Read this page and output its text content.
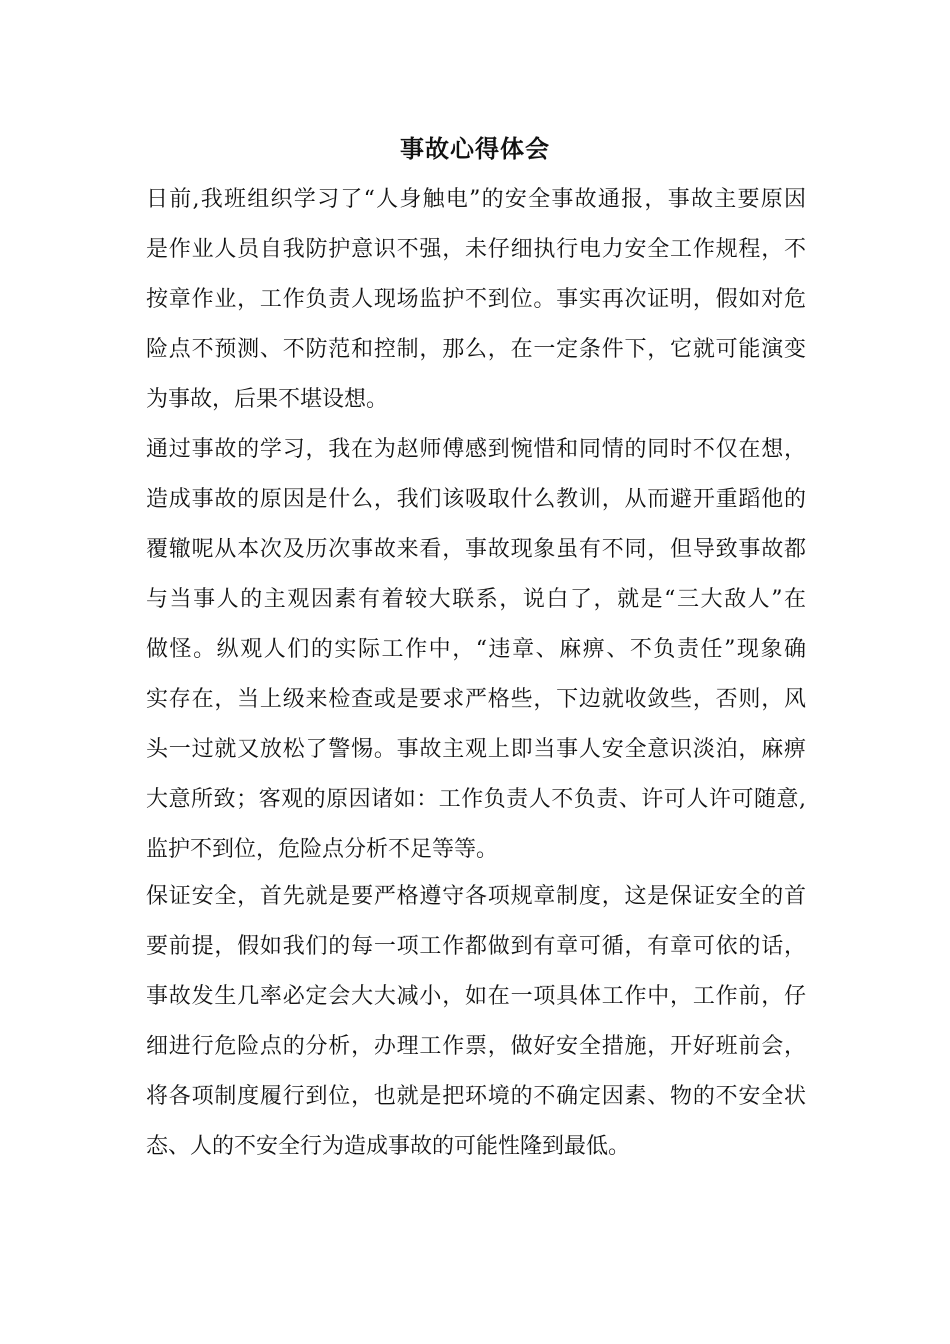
事故心得体会
日前,我班组织学习了“人身触电”的安全事故通报，事故主要原因
是作业人员自我防护意识不强，未仔细执行电力安全工作规程，不
按章作业，工作负责人现场监护不到位。事实再次证明，假如对危
险点不预测、不防范和控制，那么，在一定条件下，它就可能演变
为事故，后果不堪设想。
通过事故的学习，我在为赵师傅感到惋惜和同情的同时不仅在想，
造成事故的原因是什么，我们该吸取什么教训，从而避开重蹈他的
覆辙呢从本次及历次事故来看，事故现象虽有不同，但导致事故都
与当事人的主观因素有着较大联系，说白了，就是“三大敌人”在
做怪。纵观人们的实际工作中，“违章、麻痹、不负责任”现象确
实存在，当上级来检查或是要求严格些，下边就收敛些，否则，风
头一过就又放松了警惕。事故主观上即当事人安全意识淡泊，麻痹
大意所致；客观的原因诸如：工作负责人不负责、许可人许可随意,
监护不到位，危险点分析不足等等。
保证安全，首先就是要严格遵守各项规章制度，这是保证安全的首
要前提，假如我们的每一项工作都做到有章可循，有章可依的话，
事故发生几率必定会大大减小，如在一项具体工作中，工作前，仔
细进行危险点的分析，办理工作票，做好安全措施，开好班前会，
将各项制度履行到位，也就是把环境的不确定因素、物的不安全状
态、人的不安全行为造成事故的可能性隆到最低。
